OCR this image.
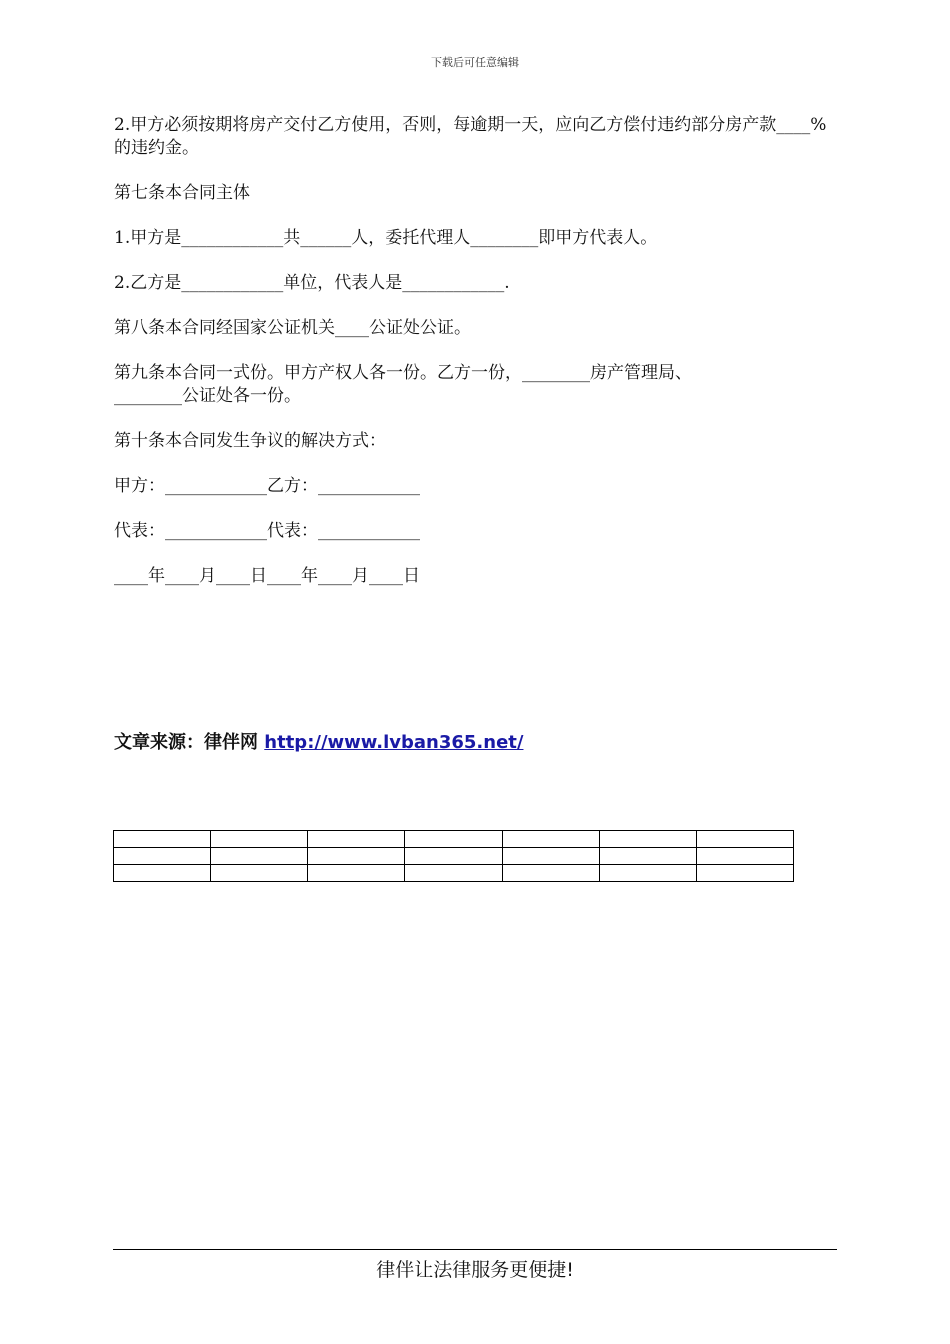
下载后可任意编辑

2.甲方必须按期将房产交付乙方使用，否则，每逾期一天，应向乙方偿付违约部分房产款____%的违约金。

第七条本合同主体

1.甲方是____________共______人，委托代理人________即甲方代表人。

2.乙方是____________单位，代表人是____________.

第八条本合同经国家公证机关____公证处公证。

第九条本合同一式份。甲方产权人各一份。乙方一份，________房产管理局、________公证处各一份。

第十条本合同发生争议的解决方式：

甲方：____________乙方：____________

代表：____________代表：____________

____年____月____日____年____月____日

文章来源：律伴网 http://www.lvban365.net/

律伴让法律服务更便捷!
